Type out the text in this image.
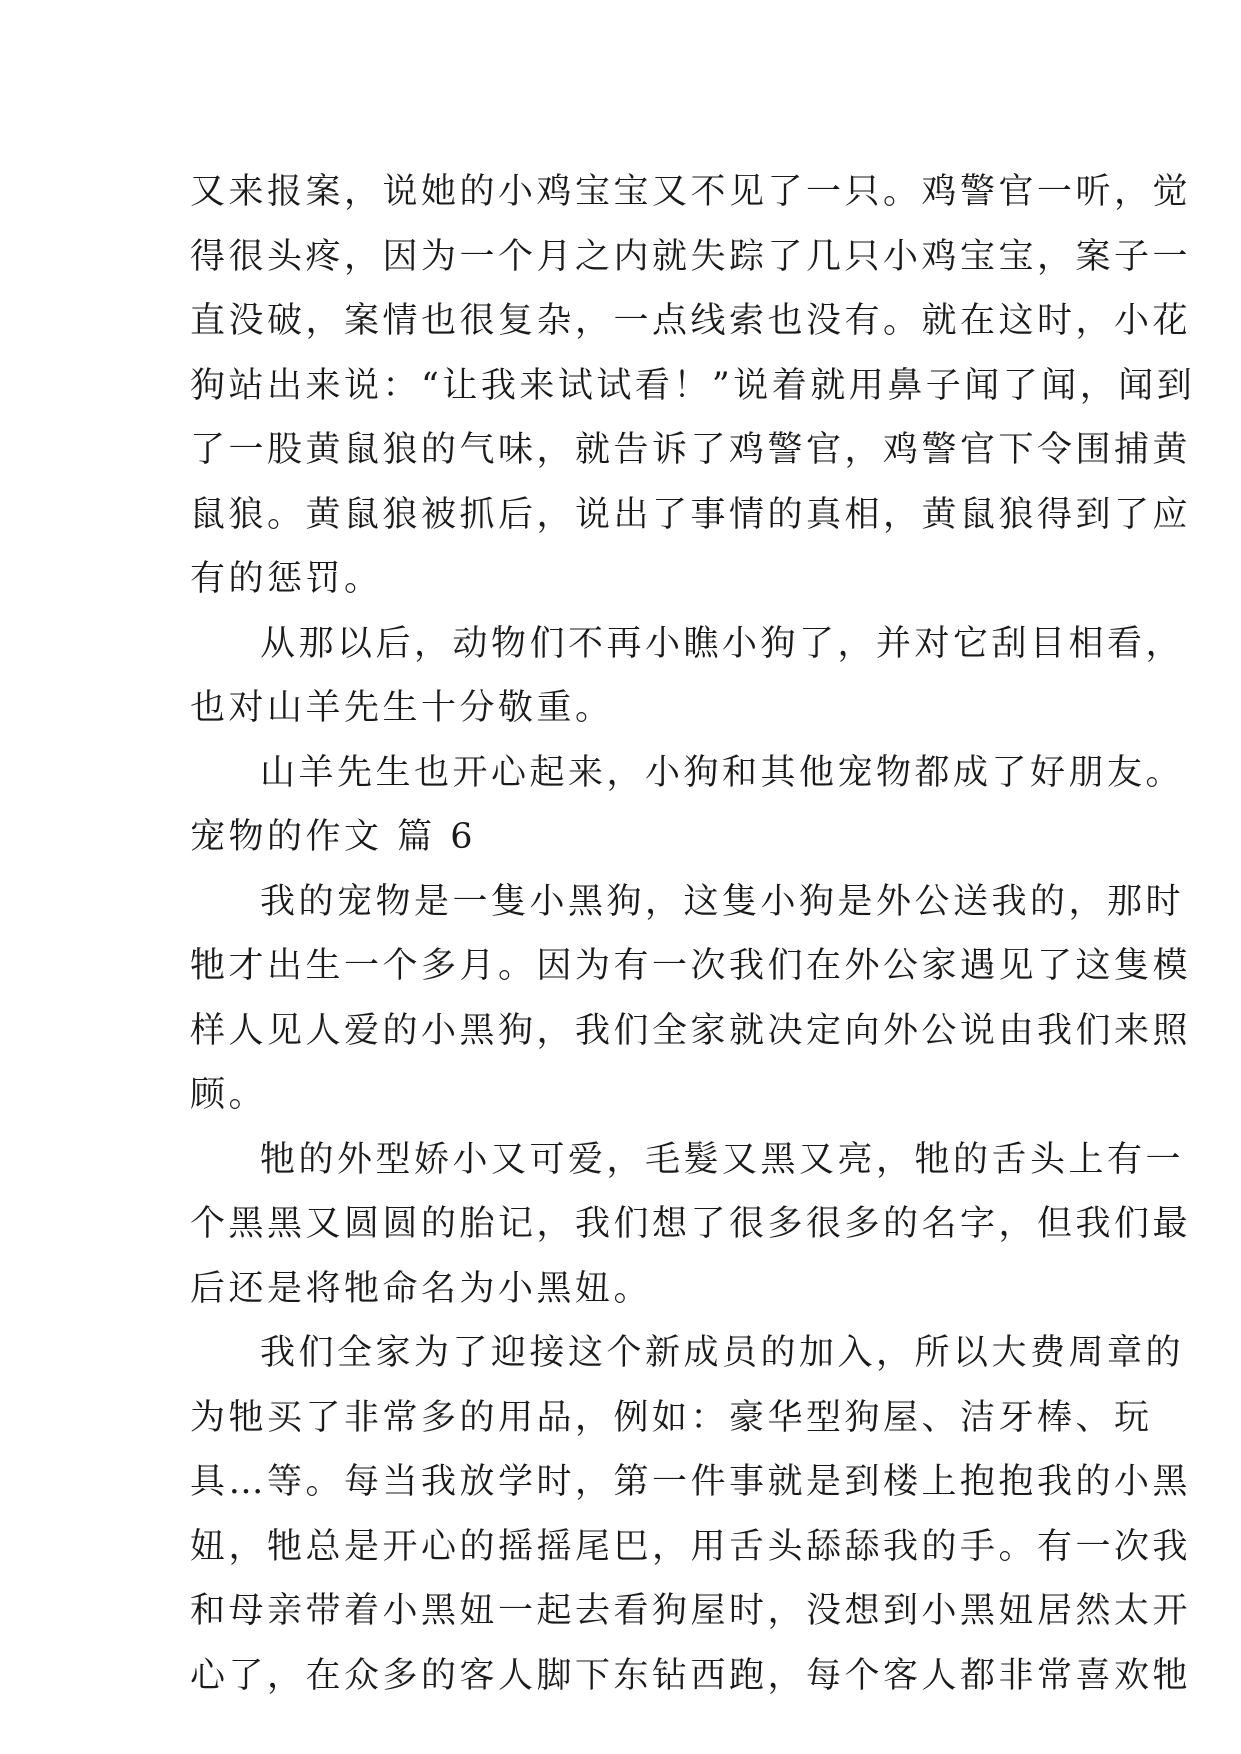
又来报案，说她的小鸡宝宝又不见了一只。鸡警官一听，觉
得很头疼，因为一个月之内就失踪了几只小鸡宝宝，案子一
直没破，案情也很复杂，一点线索也没有。就在这时，小花
狗站出来说：“让我来试试看！”说着就用鼻子闻了闻，闻到
了一股黄鼠狼的气味，就告诉了鸡警官，鸡警官下令围捕黄
鼠狼。黄鼠狼被抓后，说出了事情的真相，黄鼠狼得到了应
有的惩罚。
从那以后，动物们不再小瞧小狗了，并对它刮目相看，
也对山羊先生十分敬重。
山羊先生也开心起来，小狗和其他宠物都成了好朋友。
宠物的作文 篇 6
我的宠物是一隻小黑狗，这隻小狗是外公送我的，那时
牠才出生一个多月。因为有一次我们在外公家遇见了这隻模
样人见人爱的小黑狗，我们全家就决定向外公说由我们来照
顾。
牠的外型娇小又可爱，毛髮又黑又亮，牠的舌头上有一
个黑黑又圆圆的胎记，我们想了很多很多的名字，但我们最
后还是将牠命名为小黑妞。
我们全家为了迎接这个新成员的加入，所以大费周章的
为牠买了非常多的用品，例如：豪华型狗屋、洁牙棒、玩
具…等。每当我放学时，第一件事就是到楼上抱抱我的小黑
妞，牠总是开心的摇摇尾巴，用舌头舔舔我的手。有一次我
和母亲带着小黑妞一起去看狗屋时，没想到小黑妞居然太开
心了，在众多的客人脚下东钻西跑，每个客人都非常喜欢牠
